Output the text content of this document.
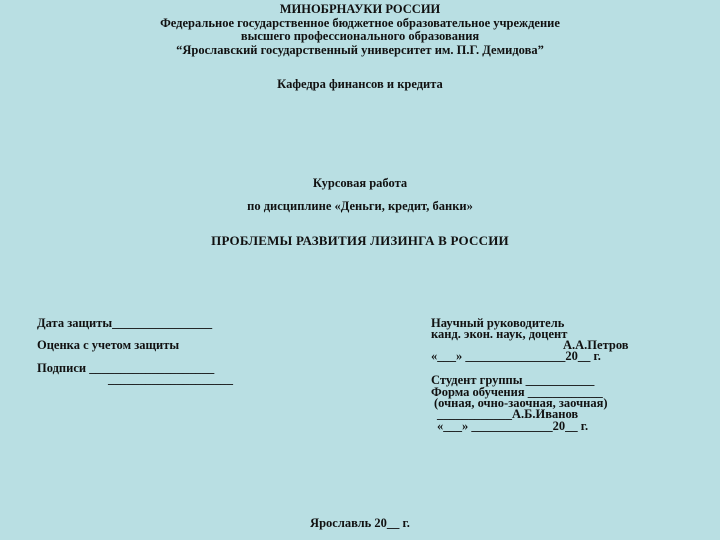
МИНОБРНАУКИ РОССИИ
Федеральное государственное бюджетное образовательное учреждение
высшего профессионального образования
“Ярославский государственный университет им. П.Г. Демидова”
Кафедра финансов и кредита
Курсовая работа
по дисциплине «Деньги, кредит, банки»
ПРОБЛЕМЫ РАЗВИТИЯ ЛИЗИНГА В РОССИИ
Дата защиты________________
Оценка с учетом защиты
Подписи ____________________
____________________
Научный руководитель
канд. экон. наук, доцент
А.А.Петров
«___» ________________20__ г.
Студент группы ___________
Форма обучения ____________
(очная, очно-заочная, заочная)
____________А.Б.Иванов
«___» _____________20__ г.
Ярославль 20__ г.
